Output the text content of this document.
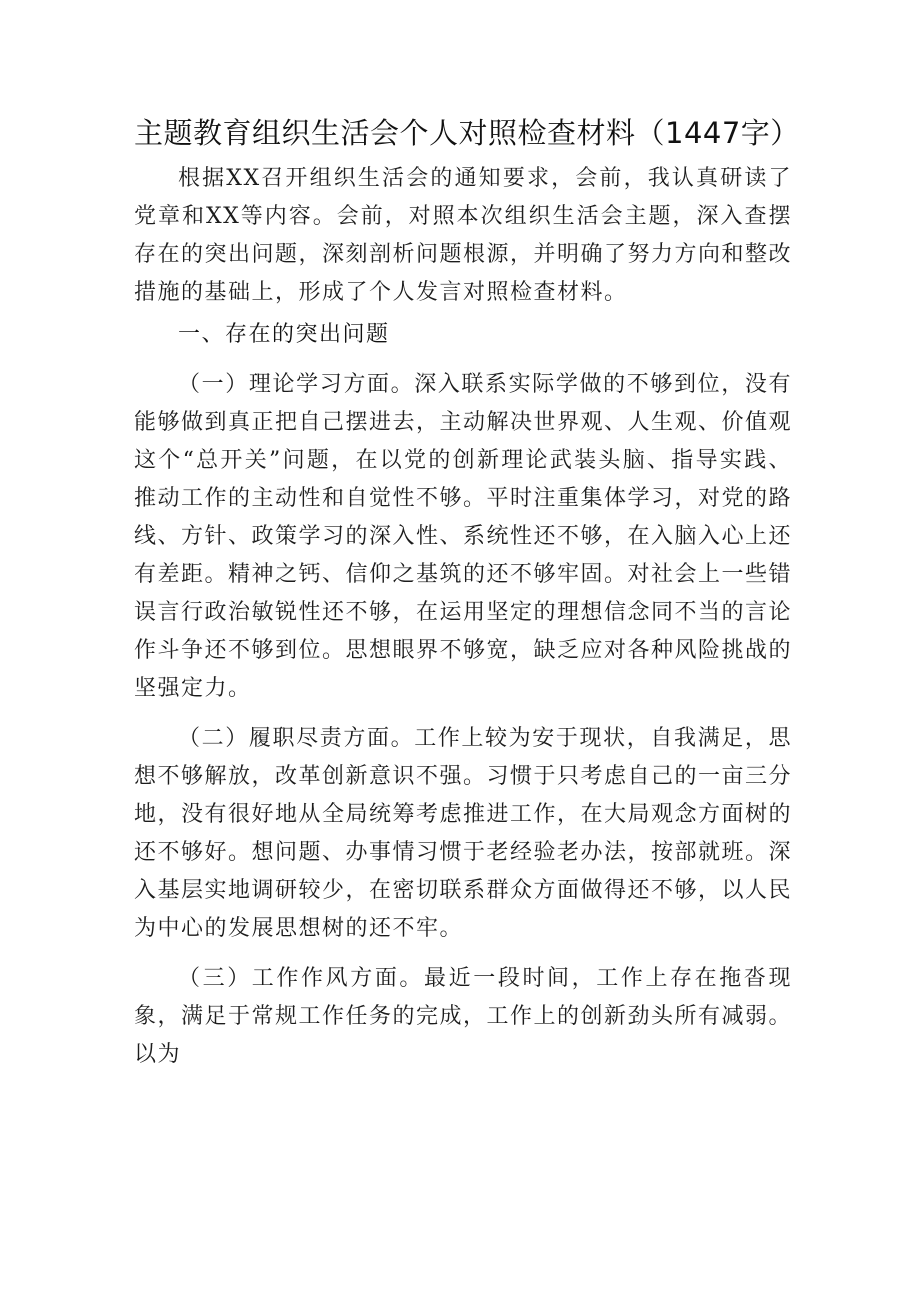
主题教育组织生活会个人对照检查材料（1447字）

根据XX召开组织生活会的通知要求，会前，我认真研读了党章和XX等内容。会前，对照本次组织生活会主题，深入查摆存在的突出问题，深刻剖析问题根源，并明确了努力方向和整改措施的基础上，形成了个人发言对照检查材料。

一、存在的突出问题

（一）理论学习方面。深入联系实际学做的不够到位，没有能够做到真正把自己摆进去，主动解决世界观、人生观、价值观这个“总开关”问题，在以党的创新理论武装头脑、指导实践、推动工作的主动性和自觉性不够。平时注重集体学习，对党的路线、方针、政策学习的深入性、系统性还不够，在入脑入心上还有差距。精神之钙、信仰之基筑的还不够牢固。对社会上一些错误言行政治敏锐性还不够，在运用坚定的理想信念同不当的言论作斗争还不够到位。思想眼界不够宽，缺乏应对各种风险挑战的坚强定力。

（二）履职尽责方面。工作上较为安于现状，自我满足，思想不够解放，改革创新意识不强。习惯于只考虑自己的一亩三分地，没有很好地从全局统筹考虑推进工作，在大局观念方面树的还不够好。想问题、办事情习惯于老经验老办法，按部就班。深入基层实地调研较少，在密切联系群众方面做得还不够，以人民为中心的发展思想树的还不牢。

（三）工作作风方面。最近一段时间，工作上存在拖沓现象，满足于常规工作任务的完成，工作上的创新劲头所有减弱。以为
